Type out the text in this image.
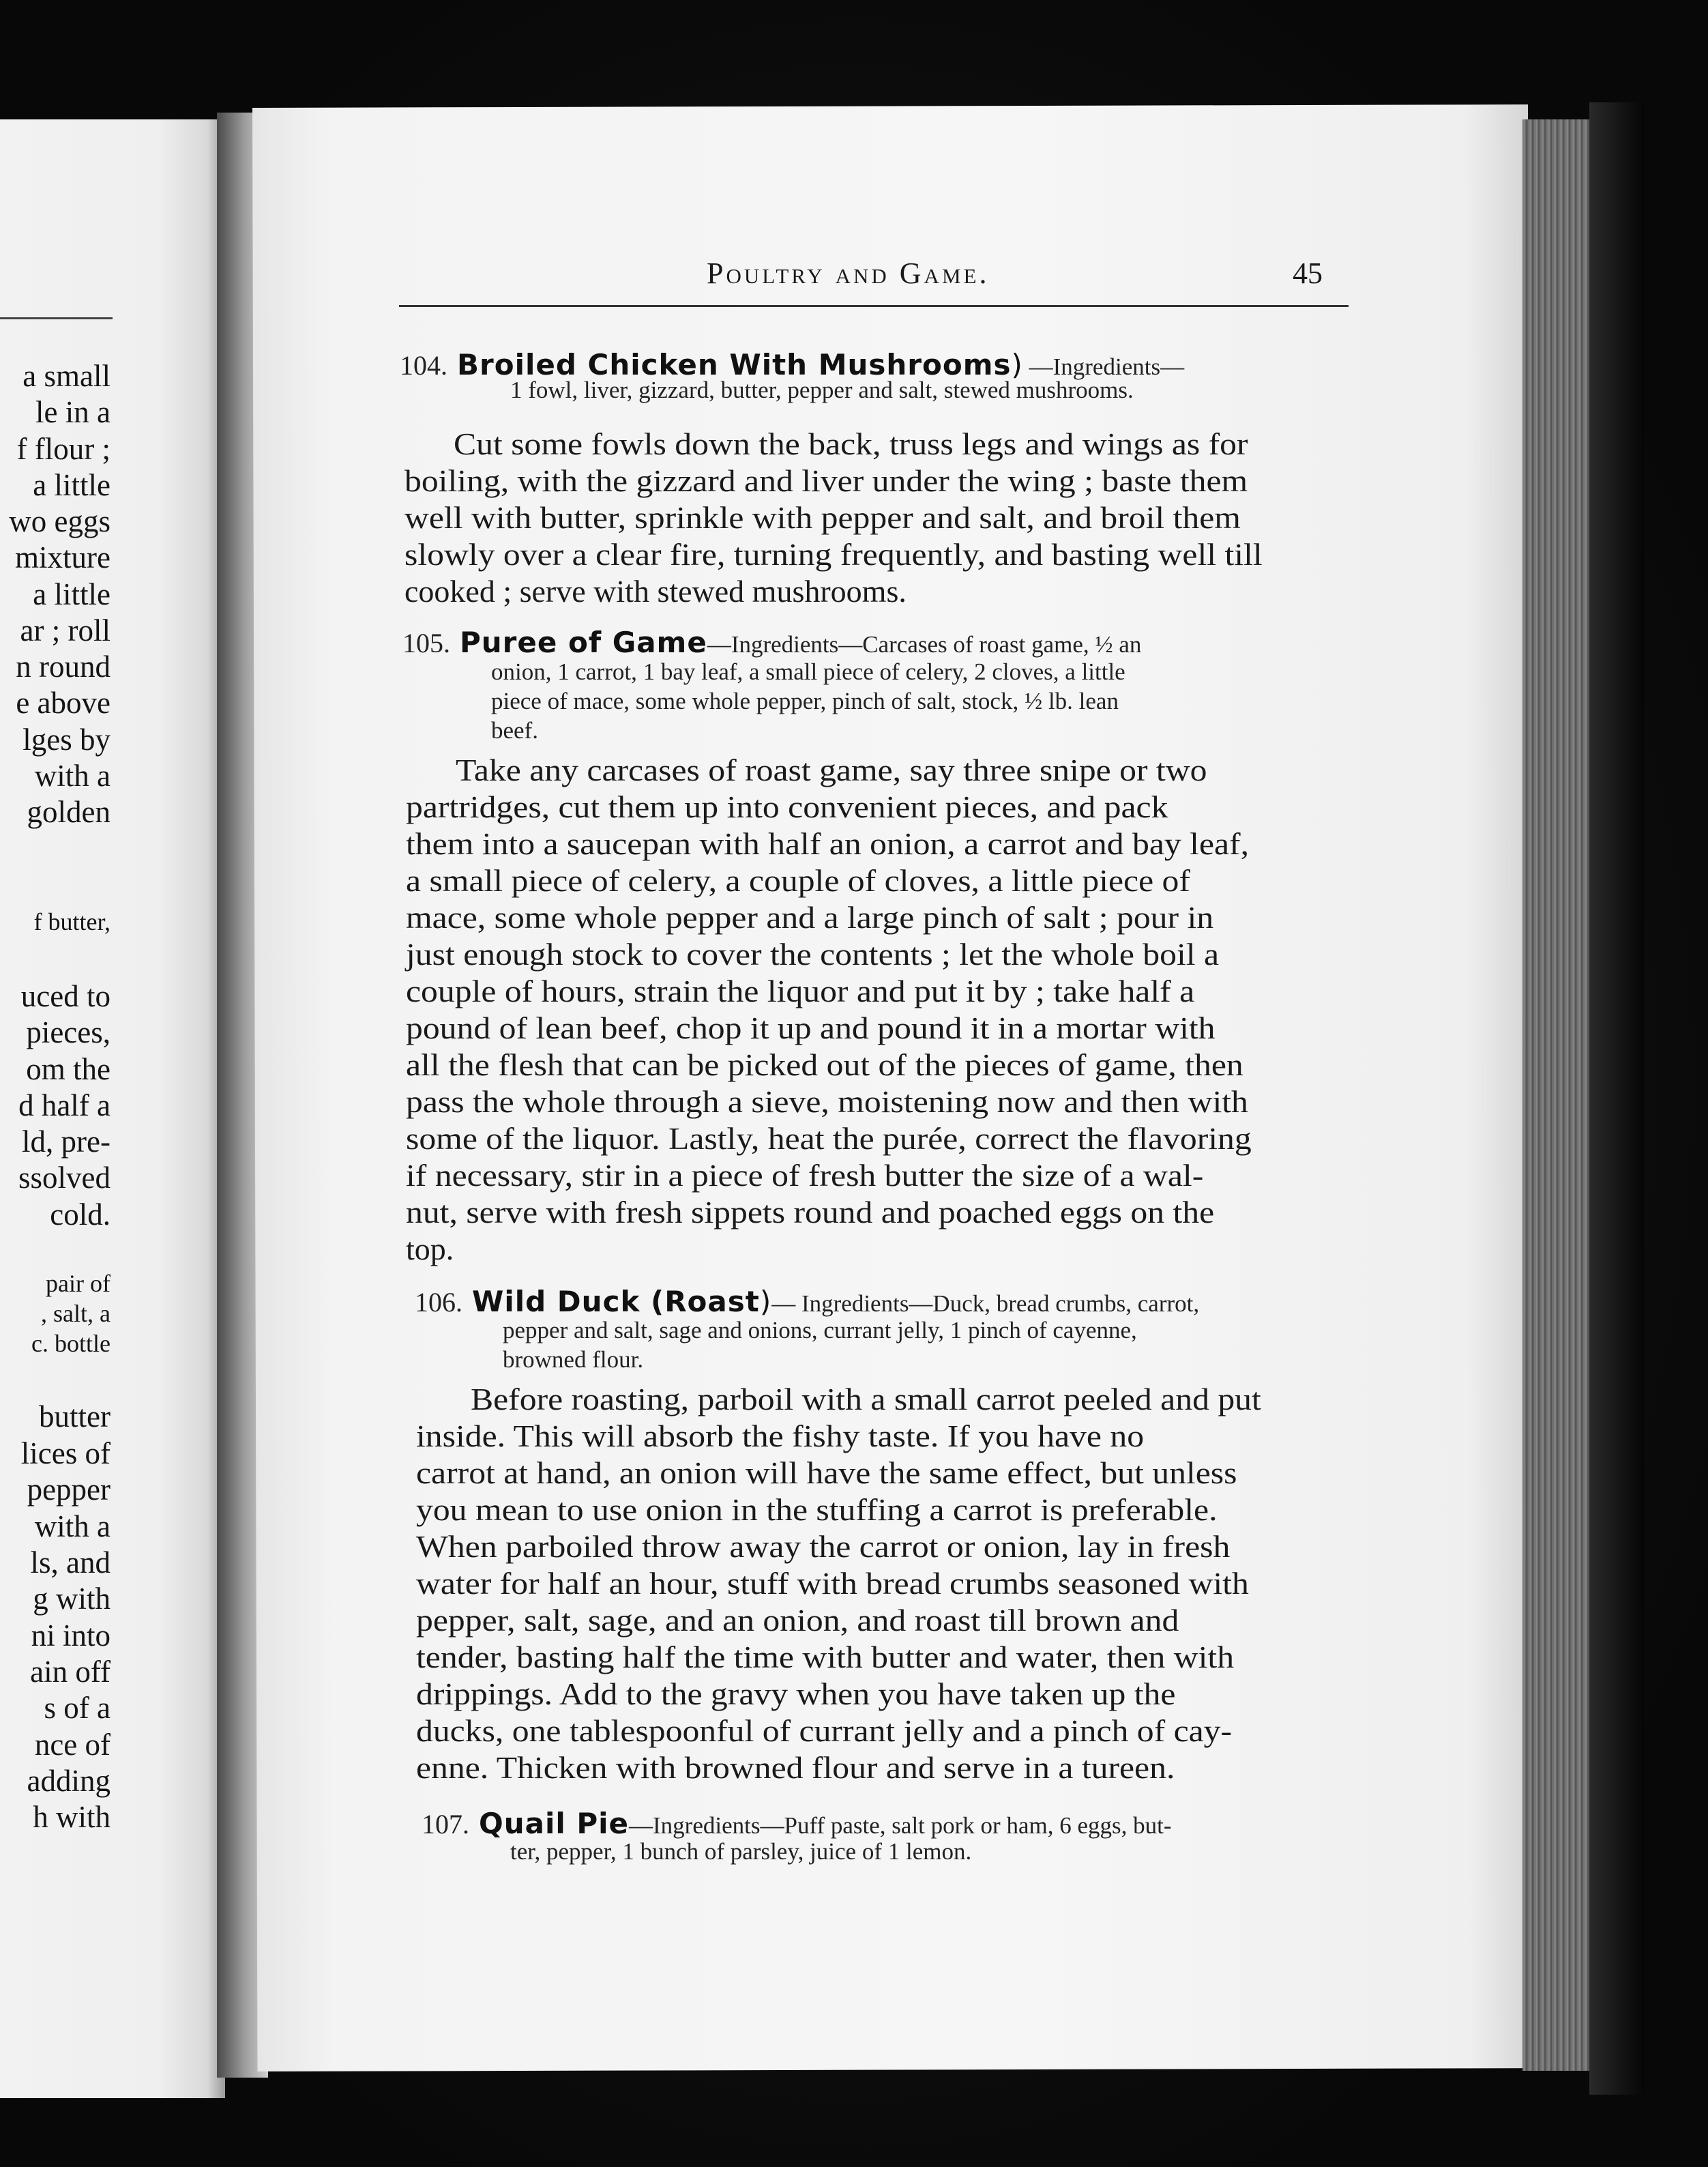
a small
le in a
f flour ;
a little
wo eggs
mixture
a little
ar ; roll
n round
e above
lges by
with a
golden
f butter,
uced to
pieces,
om the
d half a
ld, pre-
ssolved
cold.
pair of
, salt, a
c. bottle
butter
lices of
pepper
with a
ls, and
g with
ni into
ain off
s of a
nce of
adding
h with
Poultry and Game.	45
104. Broiled Chicken With Mushrooms) —Ingredients—
1 fowl, liver, gizzard, butter, pepper and salt, stewed mushrooms.
Cut some fowls down the back, truss legs and wings as for
boiling, with the gizzard and liver under the wing ; baste them
well with butter, sprinkle with pepper and salt, and broil them
slowly over a clear fire, turning frequently, and basting well till
cooked ; serve with stewed mushrooms.
105. Puree of Game—Ingredients—Carcases of roast game, ½ an
onion, 1 carrot, 1 bay leaf, a small piece of celery, 2 cloves, a little
piece of mace, some whole pepper, pinch of salt, stock, ½ lb. lean
beef.
Take any carcases of roast game, say three snipe or two
partridges, cut them up into convenient pieces, and pack
them into a saucepan with half an onion, a carrot and bay leaf,
a small piece of celery, a couple of cloves, a little piece of
mace, some whole pepper and a large pinch of salt ; pour in
just enough stock to cover the contents ; let the whole boil a
couple of hours, strain the liquor and put it by ; take half a
pound of lean beef, chop it up and pound it in a mortar with
all the flesh that can be picked out of the pieces of game, then
pass the whole through a sieve, moistening now and then with
some of the liquor. Lastly, heat the purée, correct the flavoring
if necessary, stir in a piece of fresh butter the size of a wal-
nut, serve with fresh sippets round and poached eggs on the
top.
106. Wild Duck (Roast)— Ingredients—Duck, bread crumbs, carrot,
pepper and salt, sage and onions, currant jelly, 1 pinch of cayenne,
browned flour.
Before roasting, parboil with a small carrot peeled and put
inside. This will absorb the fishy taste. If you have no
carrot at hand, an onion will have the same effect, but unless
you mean to use onion in the stuffing a carrot is preferable.
When parboiled throw away the carrot or onion, lay in fresh
water for half an hour, stuff with bread crumbs seasoned with
pepper, salt, sage, and an onion, and roast till brown and
tender, basting half the time with butter and water, then with
drippings. Add to the gravy when you have taken up the
ducks, one tablespoonful of currant jelly and a pinch of cay-
enne. Thicken with browned flour and serve in a tureen.
107. Quail Pie—Ingredients—Puff paste, salt pork or ham, 6 eggs, but-
ter, pepper, 1 bunch of parsley, juice of 1 lemon.
